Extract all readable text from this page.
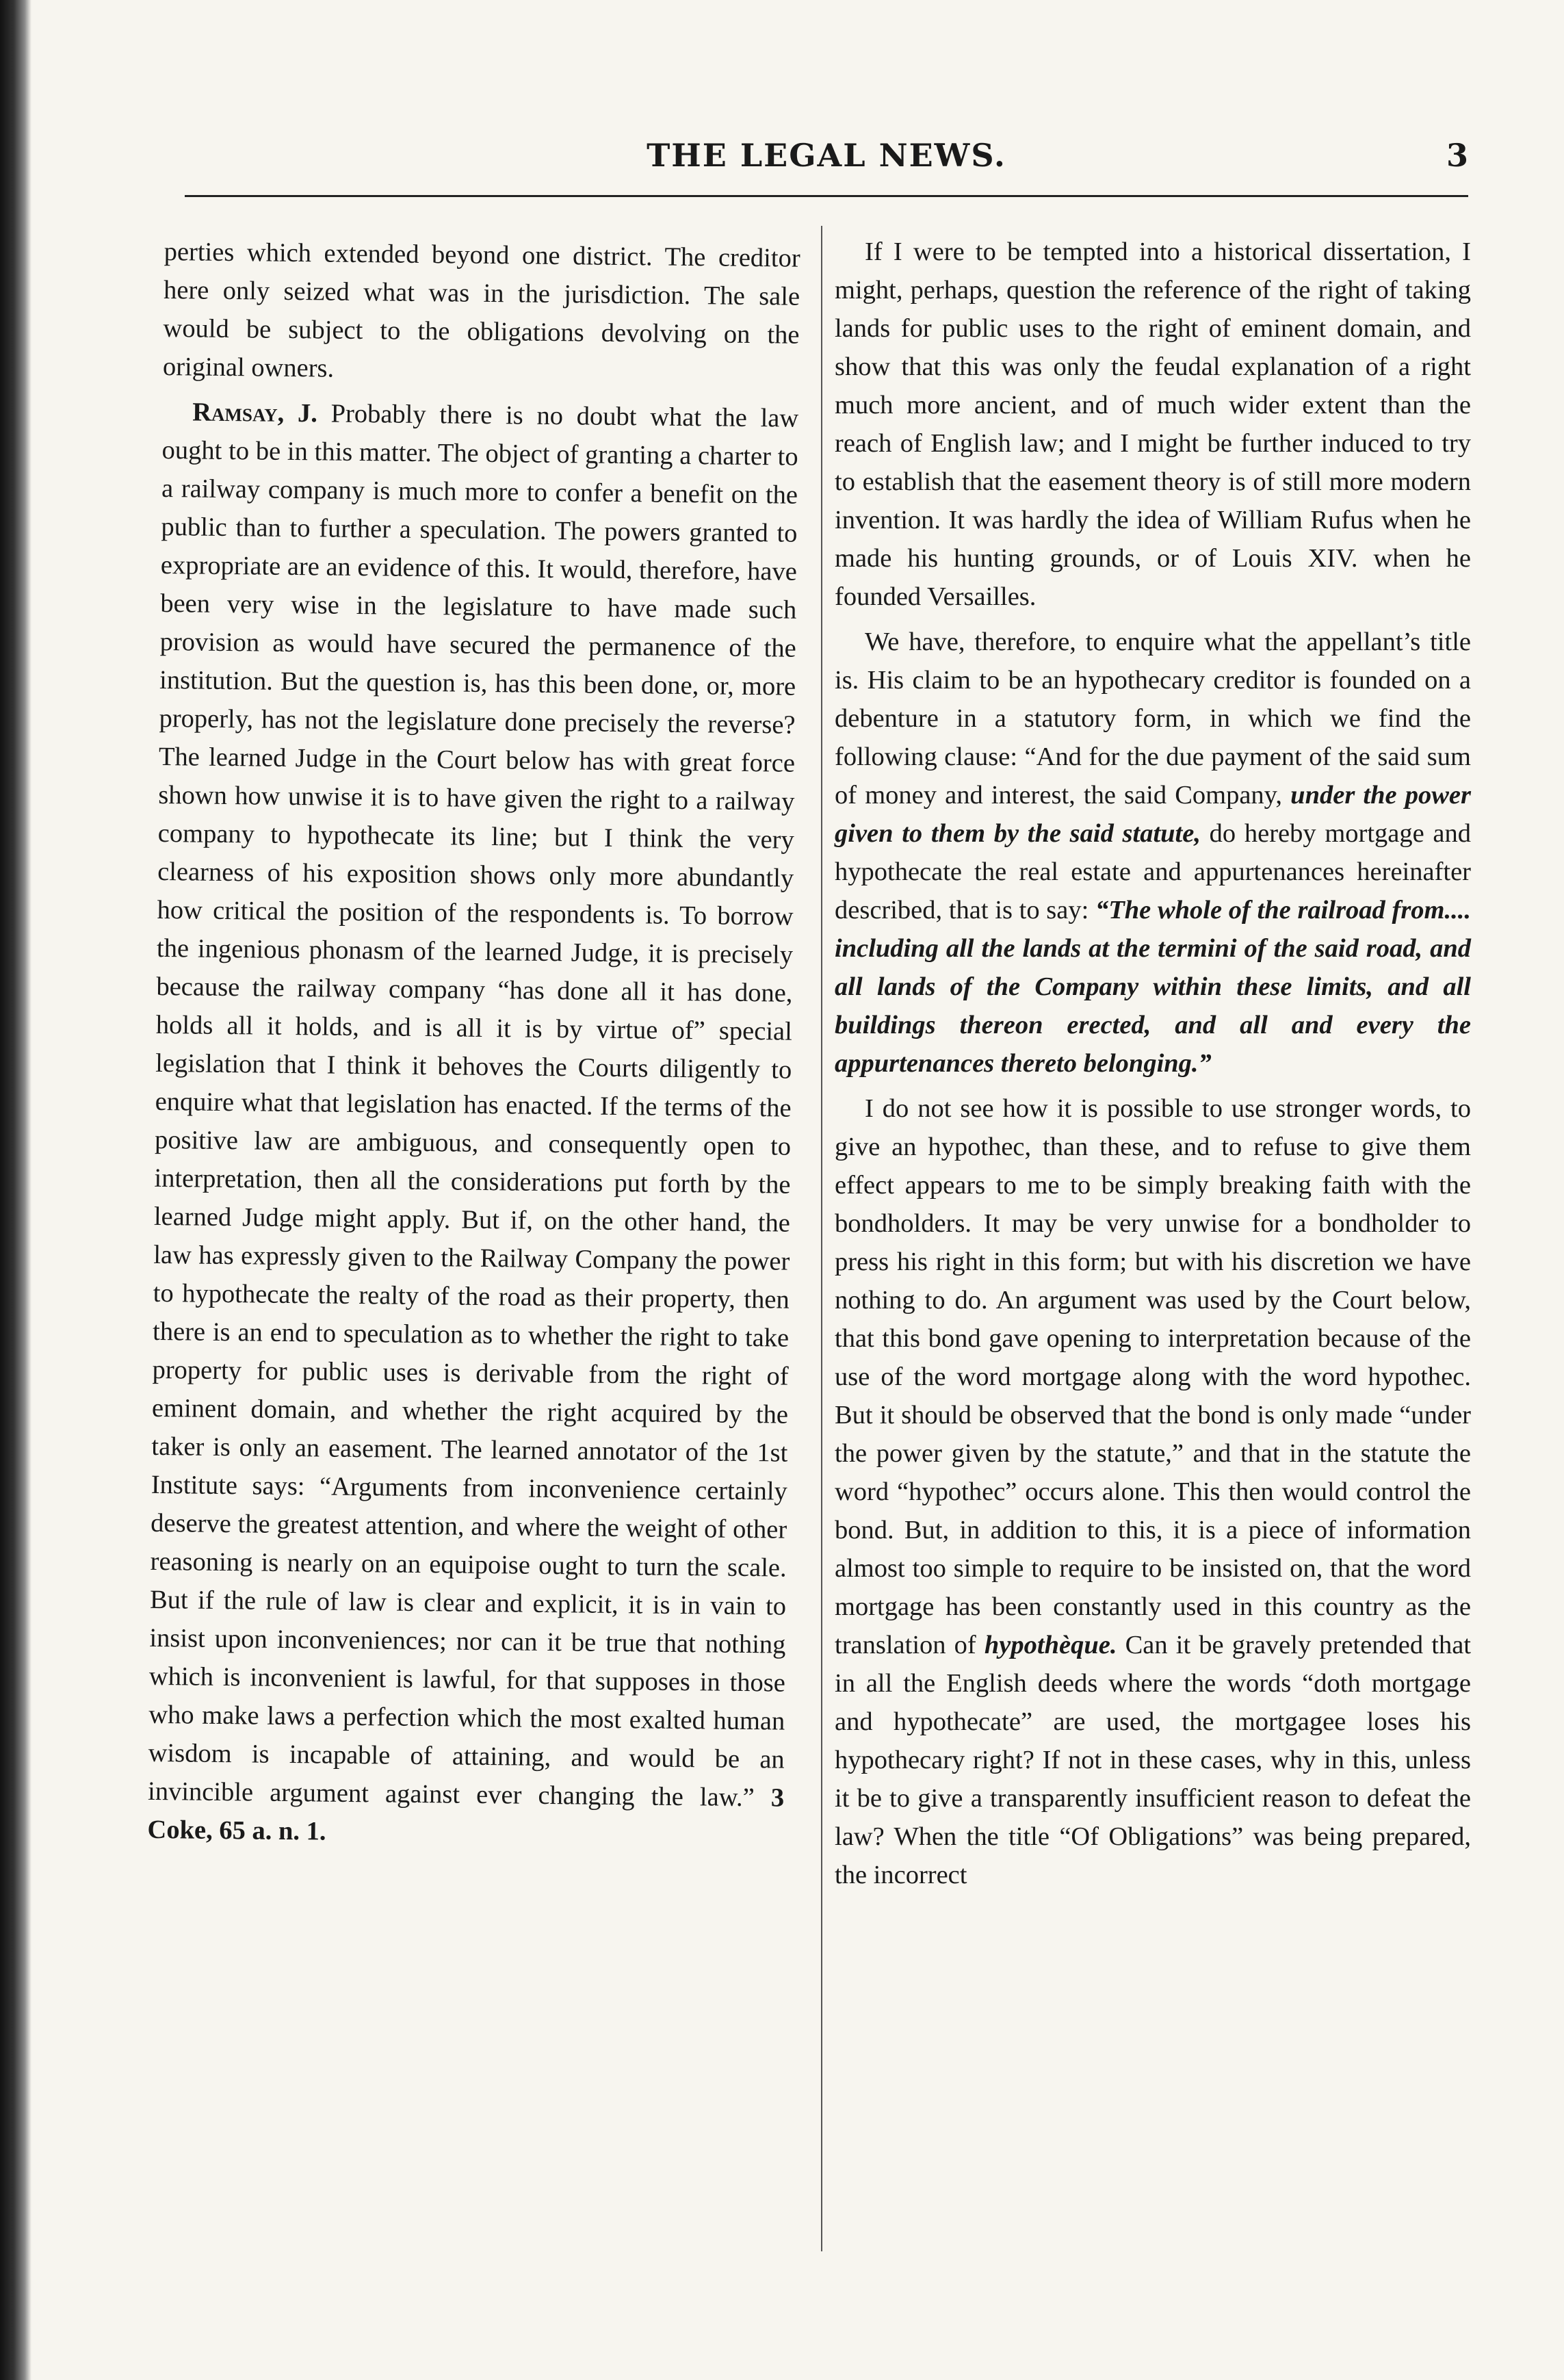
THE LEGAL NEWS.	3

perties which extended beyond one district. The creditor here only seized what was in the jurisdiction. The sale would be subject to the obligations devolving on the original owners.

Ramsay, J. Probably there is no doubt what the law ought to be in this matter. The object of granting a charter to a railway company is much more to confer a benefit on the public than to further a speculation. The powers granted to expropriate are an evidence of this. It would, therefore, have been very wise in the legislature to have made such provision as would have secured the permanence of the institution. But the question is, has this been done, or, more properly, has not the legislature done precisely the reverse? The learned Judge in the Court below has with great force shown how unwise it is to have given the right to a railway company to hypothecate its line; but I think the very clearness of his exposition shows only more abundantly how critical the position of the respondents is. To borrow the ingenious phonasm of the learned Judge, it is precisely because the railway company “has done all it has done, holds all it holds, and is all it is by virtue of” special legislation that I think it behoves the Courts diligently to enquire what that legislation has enacted. If the terms of the positive law are ambiguous, and consequently open to interpretation, then all the considerations put forth by the learned Judge might apply. But if, on the other hand, the law has expressly given to the Railway Company the power to hypothecate the realty of the road as their property, then there is an end to speculation as to whether the right to take property for public uses is derivable from the right of eminent domain, and whether the right acquired by the taker is only an easement. The learned annotator of the 1st Institute says: “Arguments from inconvenience certainly deserve the greatest attention, and where the weight of other reasoning is nearly on an equipoise ought to turn the scale. But if the rule of law is clear and explicit, it is in vain to insist upon inconveniences; nor can it be true that nothing which is inconvenient is lawful, for that supposes in those who make laws a perfection which the most exalted human wisdom is incapable of attaining, and would be an invincible argument against ever changing the law.” 3 Coke, 65 a. n. 1.

If I were to be tempted into a historical dissertation, I might, perhaps, question the reference of the right of taking lands for public uses to the right of eminent domain, and show that this was only the feudal explanation of a right much more ancient, and of much wider extent than the reach of English law; and I might be further induced to try to establish that the easement theory is of still more modern invention. It was hardly the idea of William Rufus when he made his hunting grounds, or of Louis XIV. when he founded Versailles.

We have, therefore, to enquire what the appellant’s title is. His claim to be an hypothecary creditor is founded on a debenture in a statutory form, in which we find the following clause: “And for the due payment of the said sum of money and interest, the said Company, under the power given to them by the said statute, do hereby mortgage and hypothecate the real estate and appurtenances hereinafter described, that is to say: “The whole of the railroad from.... including all the lands at the termini of the said road, and all lands of the Company within these limits, and all buildings thereon erected, and all and every the appurtenances thereto belonging.”

I do not see how it is possible to use stronger words, to give an hypothec, than these, and to refuse to give them effect appears to me to be simply breaking faith with the bondholders. It may be very unwise for a bondholder to press his right in this form; but with his discretion we have nothing to do. An argument was used by the Court below, that this bond gave opening to interpretation because of the use of the word mortgage along with the word hypothec. But it should be observed that the bond is only made “under the power given by the statute,” and that in the statute the word “hypothec” occurs alone. This then would control the bond. But, in addition to this, it is a piece of information almost too simple to require to be insisted on, that the word mortgage has been constantly used in this country as the translation of hypothèque. Can it be gravely pretended that in all the English deeds where the words “doth mortgage and hypothecate” are used, the mortgagee loses his hypothecary right? If not in these cases, why in this, unless it be to give a transparently insufficient reason to defeat the law? When the title “Of Obligations” was being prepared, the incorrect
